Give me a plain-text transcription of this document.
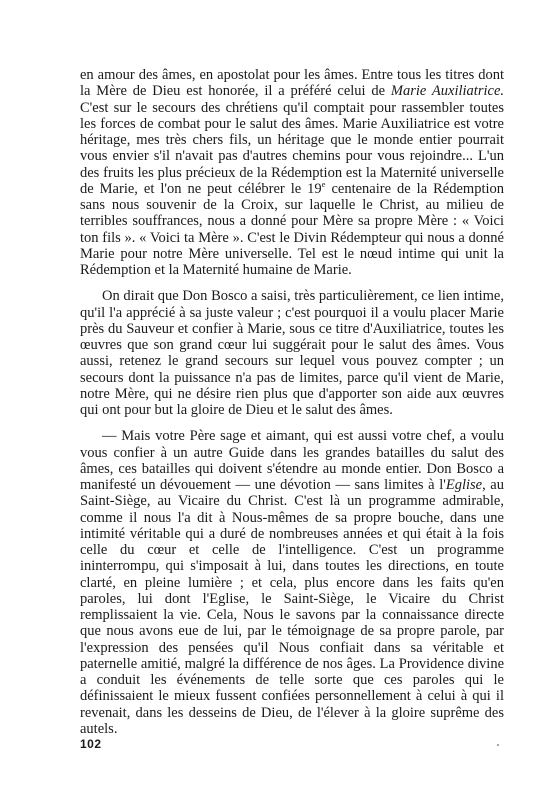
en amour des âmes, en apostolat pour les âmes. Entre tous les titres dont la Mère de Dieu est honorée, il a préféré celui de Marie Auxiliatrice. C'est sur le secours des chrétiens qu'il comptait pour rassembler toutes les forces de combat pour le salut des âmes. Marie Auxiliatrice est votre héritage, mes très chers fils, un héritage que le monde entier pourrait vous envier s'il n'avait pas d'autres chemins pour vous rejoindre... L'un des fruits les plus précieux de la Rédemption est la Maternité universelle de Marie, et l'on ne peut célébrer le 19e centenaire de la Rédemption sans nous souvenir de la Croix, sur laquelle le Christ, au milieu de terribles souffrances, nous a donné pour Mère sa propre Mère : « Voici ton fils ». « Voici ta Mère ». C'est le Divin Rédempteur qui nous a donné Marie pour notre Mère universelle. Tel est le nœud intime qui unit la Rédemption et la Maternité humaine de Marie.

On dirait que Don Bosco a saisi, très particulièrement, ce lien intime, qu'il l'a apprécié à sa juste valeur ; c'est pourquoi il a voulu placer Marie près du Sauveur et confier à Marie, sous ce titre d'Auxiliatrice, toutes les œuvres que son grand cœur lui suggérait pour le salut des âmes. Vous aussi, retenez le grand secours sur lequel vous pouvez compter ; un secours dont la puissance n'a pas de limites, parce qu'il vient de Marie, notre Mère, qui ne désire rien plus que d'apporter son aide aux œuvres qui ont pour but la gloire de Dieu et le salut des âmes.

— Mais votre Père sage et aimant, qui est aussi votre chef, a voulu vous confier à un autre Guide dans les grandes batailles du salut des âmes, ces batailles qui doivent s'étendre au monde entier. Don Bosco a manifesté un dévouement — une dévotion — sans limites à l'Eglise, au Saint-Siège, au Vicaire du Christ. C'est là un programme admirable, comme il nous l'a dit à Nous-mêmes de sa propre bouche, dans une intimité véritable qui a duré de nombreuses années et qui était à la fois celle du cœur et celle de l'intelligence. C'est un programme ininterrompu, qui s'imposait à lui, dans toutes les directions, en toute clarté, en pleine lumière ; et cela, plus encore dans les faits qu'en paroles, lui dont l'Eglise, le Saint-Siège, le Vicaire du Christ remplissaient la vie. Cela, Nous le savons par la connaissance directe que nous avons eue de lui, par le témoignage de sa propre parole, par l'expression des pensées qu'il Nous confiait dans sa véritable et paternelle amitié, malgré la différence de nos âges. La Providence divine a conduit les événements de telle sorte que ces paroles qui le définissaient le mieux fussent confiées personnellement à celui à qui il revenait, dans les desseins de Dieu, de l'élever à la gloire suprême des autels.

102
